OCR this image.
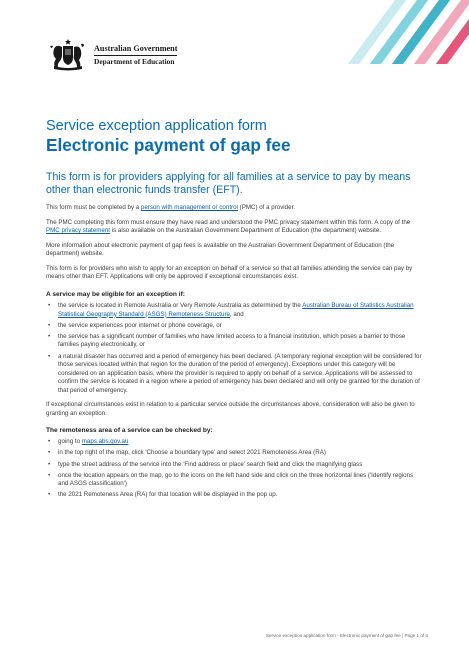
Australian Government
Department of Education
Service exception application form
Electronic payment of gap fee
This form is for providers applying for all families at a service to pay by means other than electronic funds transfer (EFT).

This form must be completed by a person with management or control (PMC) of a provider.

The PMC completing this form must ensure they have read and understood the PMC privacy statement within this form. A copy of the PMC privacy statement is also available on the Australian Government Department of Education (the department) website.

More information about electronic payment of gap fees is available on the Australian Government Department of Education (the department) website.

This form is for providers who wish to apply for an exception on behalf of a service so that all families attending the service can pay by means other than EFT. Applications will only be approved if exceptional circumstances exist.

A service may be eligible for an exception if:
• the service is located in Remote Australia or Very Remote Australia as determined by the Australian Bureau of Statistics Australian Statistical Geography Standard (ASGS) Remoteness Structure, and
• the service experiences poor internet or phone coverage, or
• the service has a significant number of families who have limited access to a financial institution, which poses a barrier to those families paying electronically, or
• a natural disaster has occurred and a period of emergency has been declared. (A temporary regional exception will be considered for those services located within that region for the duration of the period of emergency). Exceptions under this category will be considered on an application basis, where the provider is required to apply on behalf of a service. Applications will be assessed to confirm the service is located in a region where a period of emergency has been declared and will only be granted for the duration of that period of emergency.

If exceptional circumstances exist in relation to a particular service outside the circumstances above, consideration will also be given to granting an exception.

The remoteness area of a service can be checked by:
• going to maps.abs.gov.au
• in the top right of the map, click 'Choose a boundary type' and select 2021 Remoteness Area (RA)
• type the street address of the service into the 'Find address or place' search field and click the magnifying glass
• once the location appears on the map, go to the icons on the left hand side and click on the three horizontal lines ('Identify regions and ASGS classification')
• the 2021 Remoteness Area (RA) for that location will be displayed in the pop up.
Service exception application form - Electronic payment of gap fee | Page 1 of 4
